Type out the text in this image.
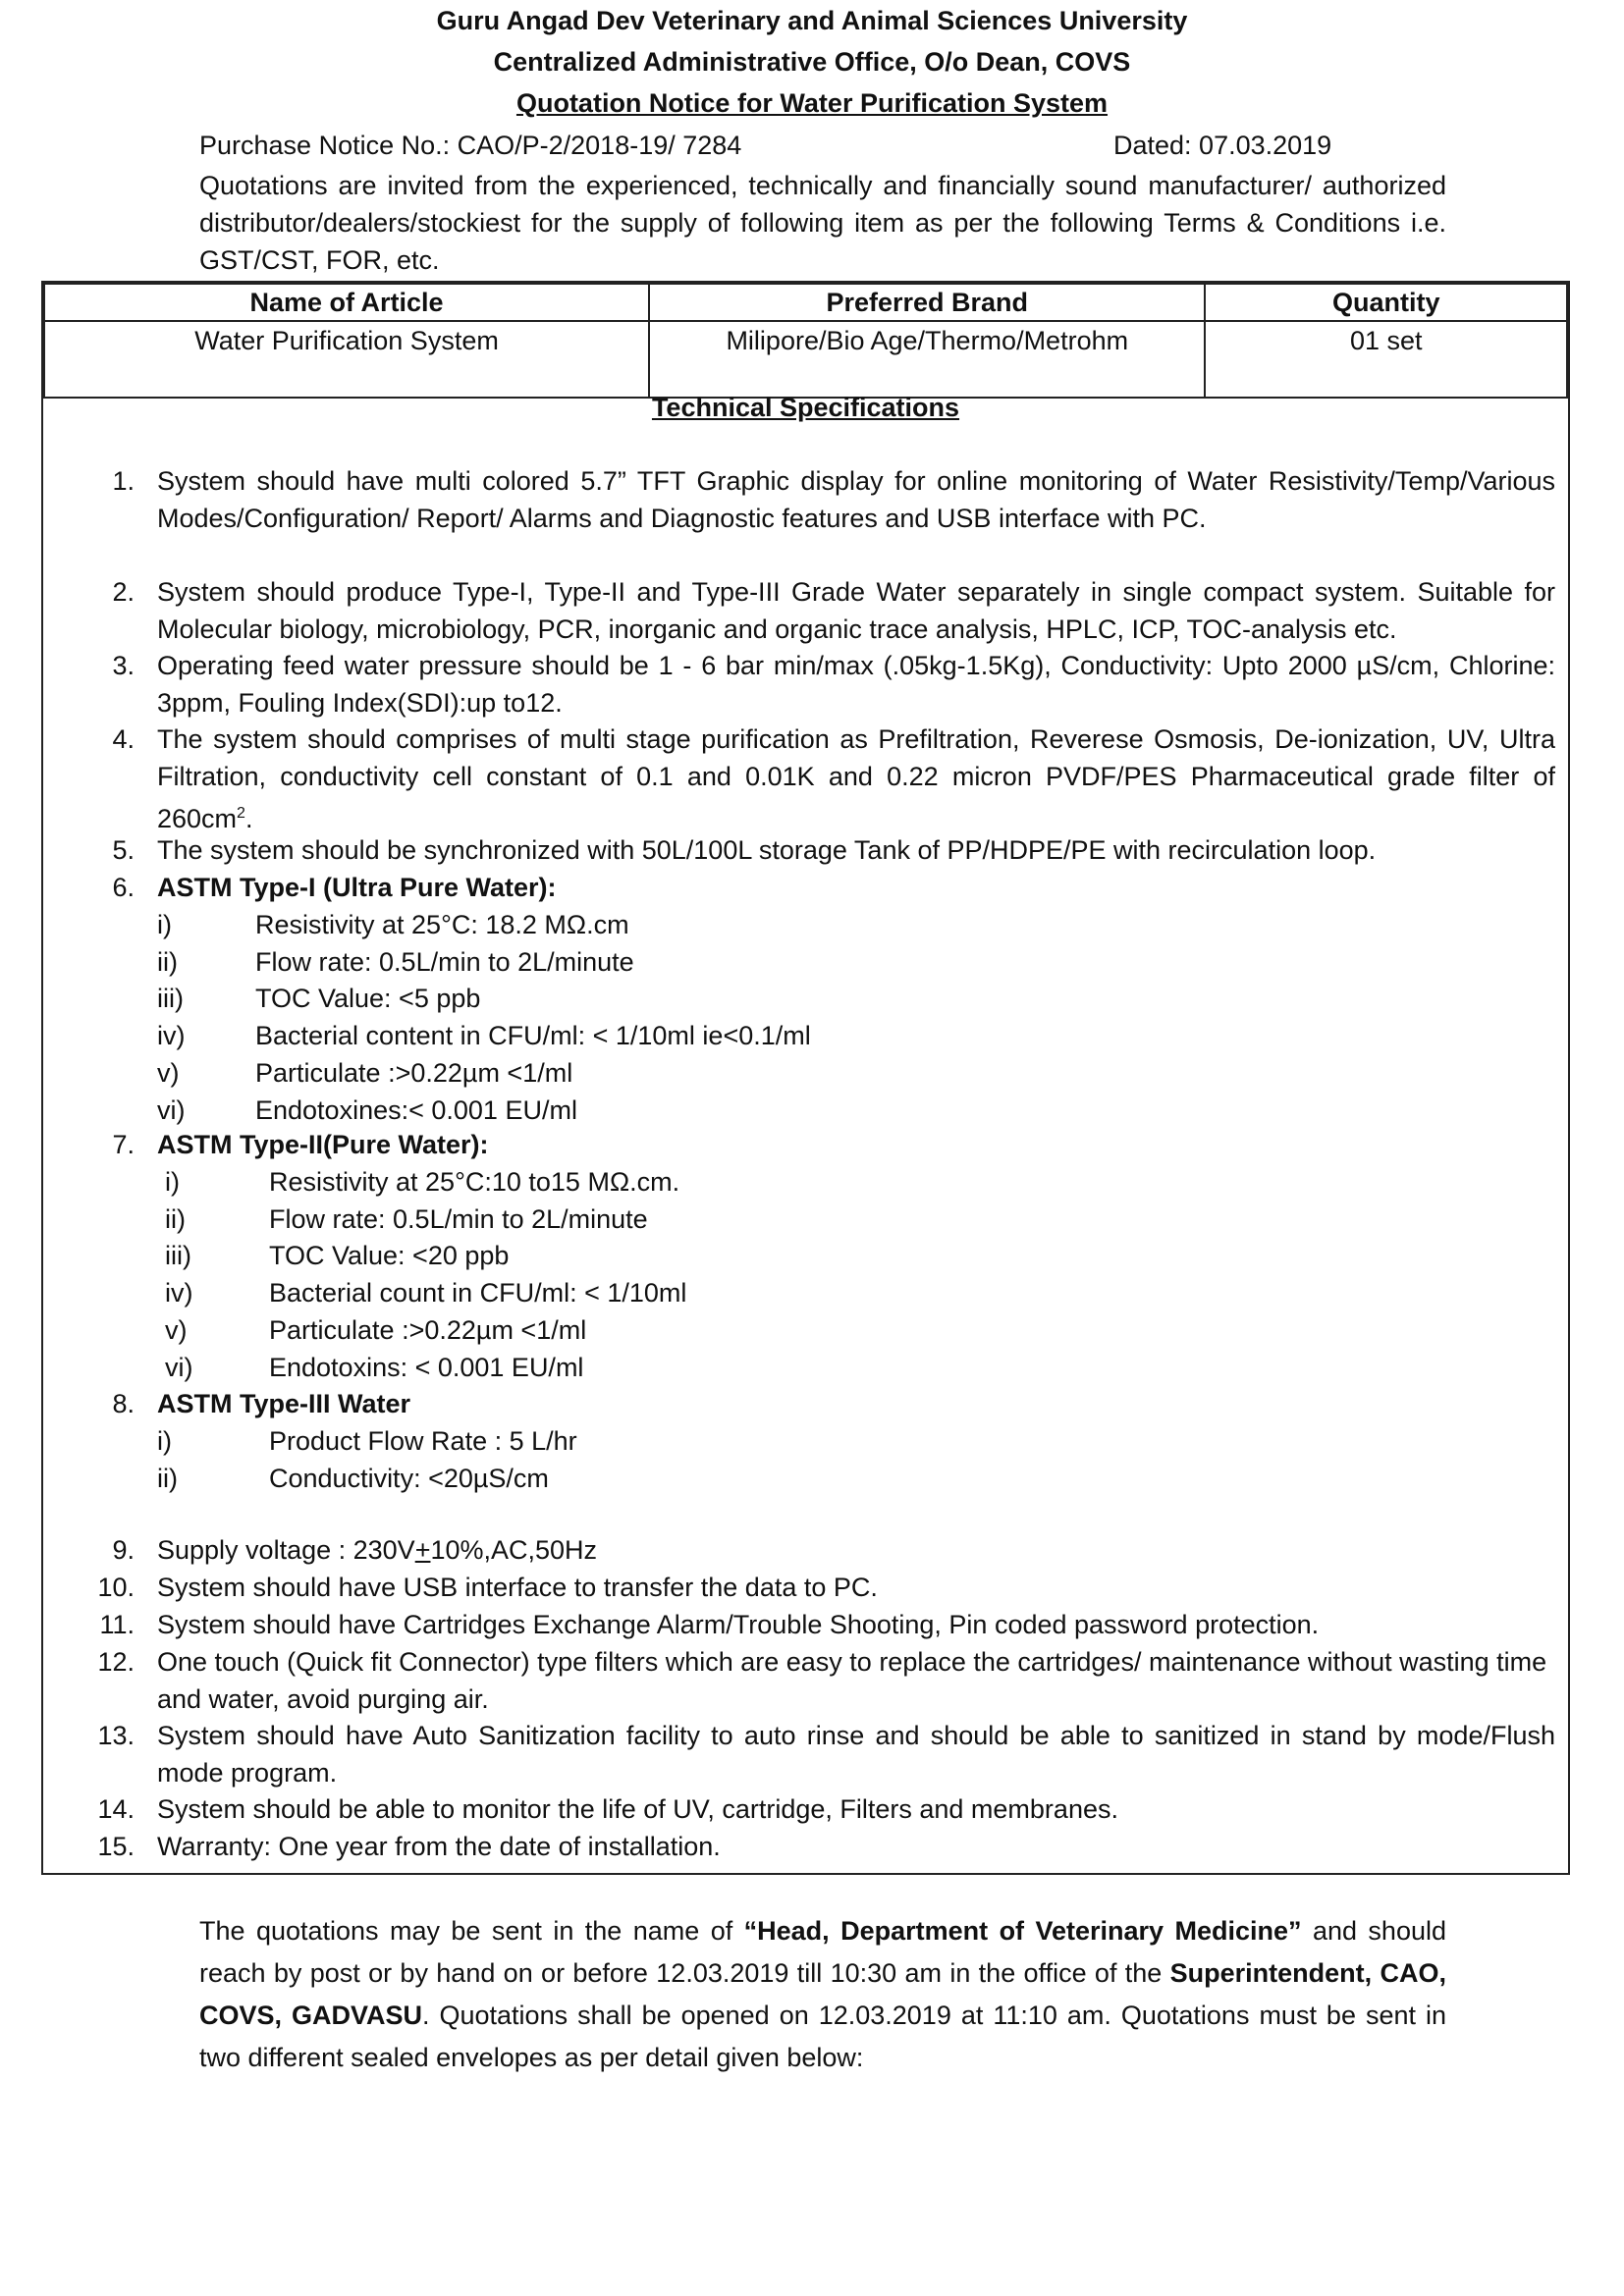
Guru Angad Dev Veterinary and Animal Sciences University
Centralized Administrative Office, O/o Dean, COVS
Quotation Notice for Water Purification System
Purchase Notice No.: CAO/P-2/2018-19/ 7284	Dated: 07.03.2019
Quotations are invited from the experienced, technically and financially sound manufacturer/ authorized distributor/dealers/stockiest for the supply of following item as per the following Terms & Conditions i.e. GST/CST, FOR, etc.
Name of Article	Preferred Brand	Quantity
Water Purification System	Milipore/Bio Age/Thermo/Metrohm	01 set
Technical Specifications
1. System should have multi colored 5.7” TFT Graphic display for online monitoring of Water Resistivity/Temp/Various Modes/Configuration/ Report/ Alarms and Diagnostic features and USB interface with PC.
2. System should produce Type-I, Type-II and Type-III Grade Water separately in single compact system. Suitable for Molecular biology, microbiology, PCR, inorganic and organic trace analysis, HPLC, ICP, TOC-analysis etc.
3. Operating feed water pressure should be 1 - 6 bar min/max (.05kg-1.5Kg), Conductivity: Upto 2000 µS/cm, Chlorine: 3ppm, Fouling Index(SDI):up to12.
4. The system should comprises of multi stage purification as Prefiltration, Reverese Osmosis, De-ionization, UV, Ultra Filtration, conductivity cell constant of 0.1 and 0.01K and 0.22 micron PVDF/PES Pharmaceutical grade filter of $260cm^2$.
5. The system should be synchronized with 50L/100L storage Tank of PP/HDPE/PE with recirculation loop.
6. ASTM Type-I (Ultra Pure Water):
i)	Resistivity at 25°C: 18.2 MΩ.cm
ii)	Flow rate: 0.5L/min to 2L/minute
iii)	TOC Value: <5 ppb
iv)	Bacterial content in CFU/ml: < 1/10ml ie<0.1/ml
v)	Particulate :>0.22µm <1/ml
vi)	Endotoxines:< 0.001 EU/ml
7. ASTM Type-II(Pure Water):
i)	Resistivity at 25°C:10 to15 MΩ.cm.
ii)	Flow rate: 0.5L/min to 2L/minute
iii)	TOC Value: <20 ppb
iv)	Bacterial count in CFU/ml: < 1/10ml
v)	Particulate :>0.22µm <1/ml
vi)	Endotoxins: < 0.001 EU/ml
8. ASTM Type-III Water
i)	Product Flow Rate : 5 L/hr
ii)	Conductivity: <20µS/cm
9. Supply voltage : 230V+10%,AC,50Hz
10. System should have USB interface to transfer the data to PC.
11. System should have Cartridges Exchange Alarm/Trouble Shooting, Pin coded password protection.
12. One touch (Quick fit Connector) type filters which are easy to replace the cartridges/ maintenance without wasting time and water, avoid purging air.
13. System should have Auto Sanitization facility to auto rinse and should be able to sanitized in stand by mode/Flush mode program.
14. System should be able to monitor the life of UV, cartridge, Filters and membranes.
15. Warranty: One year from the date of installation.
The quotations may be sent in the name of “Head, Department of Veterinary Medicine” and should reach by post or by hand on or before 12.03.2019 till 10:30 am in the office of the Superintendent, CAO, COVS, GADVASU. Quotations shall be opened on 12.03.2019 at 11:10 am. Quotations must be sent in two different sealed envelopes as per detail given below:
